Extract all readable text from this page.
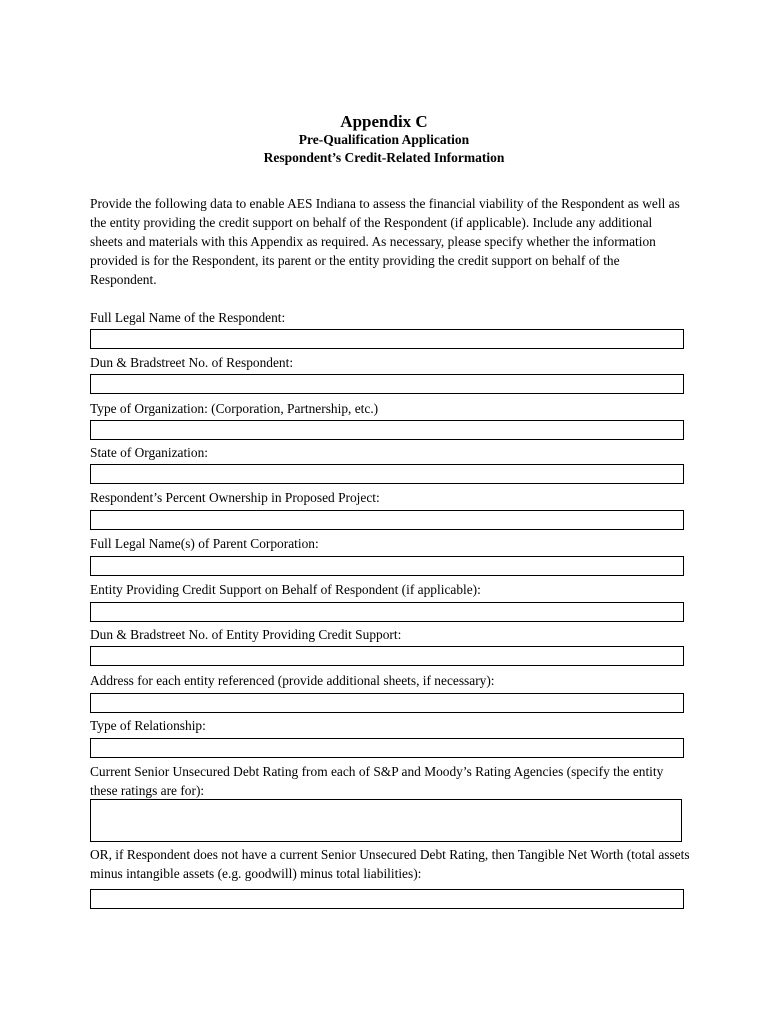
Appendix C
Pre-Qualification Application
Respondent’s Credit-Related Information

Provide the following data to enable AES Indiana to assess the financial viability of the Respondent as well as the entity providing the credit support on behalf of the Respondent (if applicable). Include any additional sheets and materials with this Appendix as required. As necessary, please specify whether the information provided is for the Respondent, its parent or the entity providing the credit support on behalf of the Respondent.

Full Legal Name of the Respondent:

Dun & Bradstreet No. of Respondent:

Type of Organization: (Corporation, Partnership, etc.)

State of Organization:

Respondent’s Percent Ownership in Proposed Project:

Full Legal Name(s) of Parent Corporation:

Entity Providing Credit Support on Behalf of Respondent (if applicable):

Dun & Bradstreet No. of Entity Providing Credit Support:

Address for each entity referenced (provide additional sheets, if necessary):

Type of Relationship:

Current Senior Unsecured Debt Rating from each of S&P and Moody’s Rating Agencies (specify the entity these ratings are for):

OR, if Respondent does not have a current Senior Unsecured Debt Rating, then Tangible Net Worth (total assets minus intangible assets (e.g. goodwill) minus total liabilities):
